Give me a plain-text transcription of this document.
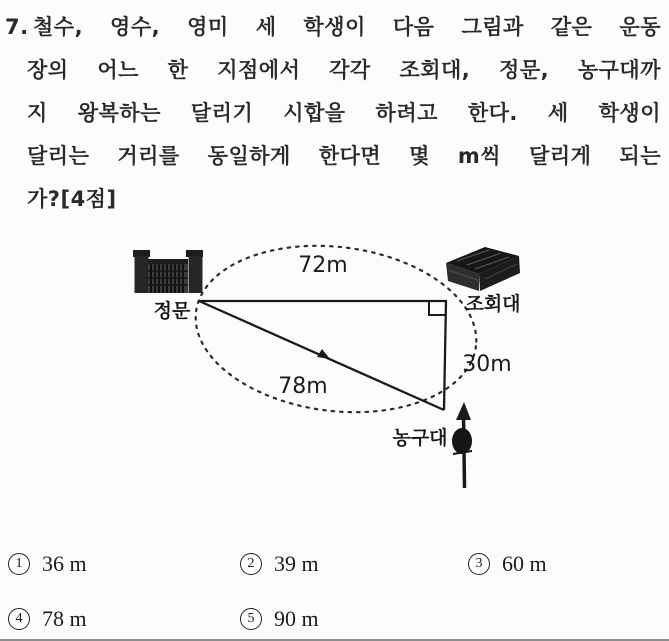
7. 철수, 영수, 영미 세 학생이 다음 그림과 같은 운동
장의 어느 한 지점에서 각각 조회대, 정문, 농구대까
지 왕복하는 달리기 시합을 하려고 한다. 세 학생이
달리는 거리를 동일하게 한다면 몇 m씩 달리게 되는
가?[4점]
72m
30m
78m
정문	조회대
농구대
1 36 m	2 39 m	3 60 m
4 78 m	5 90 m
